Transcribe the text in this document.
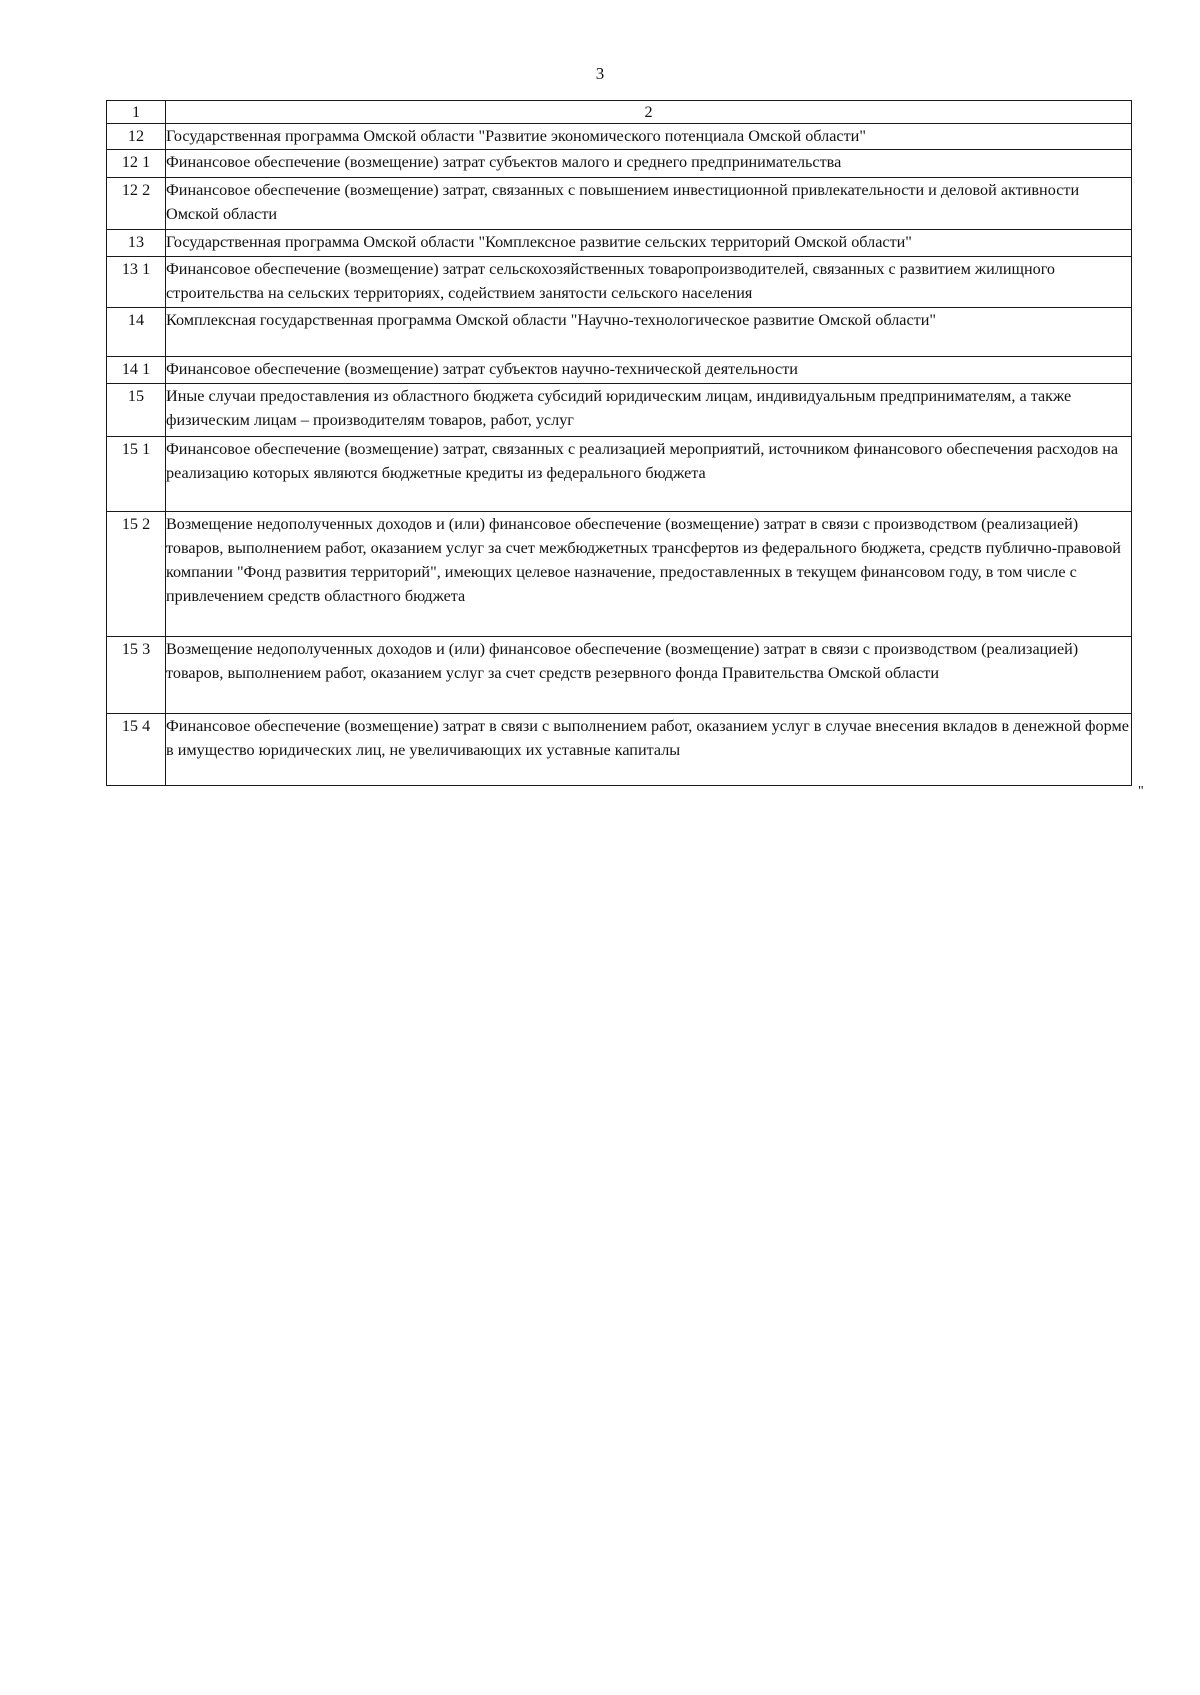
3
1	2
12	Государственная программа Омской области "Развитие экономического потенциала Омской области"
12 1	Финансовое обеспечение (возмещение) затрат субъектов малого и среднего предпринимательства
12 2	Финансовое обеспечение (возмещение) затрат, связанных с повышением инвестиционной привлекательности и деловой активности Омской области
13	Государственная программа Омской области "Комплексное развитие сельских территорий Омской области"
13 1	Финансовое обеспечение (возмещение) затрат сельскохозяйственных товаропроизводителей, связанных с развитием жилищного строительства на сельских территориях, содействием занятости сельского населения
14	Комплексная государственная программа Омской области "Научно-технологическое развитие Омской области"
14 1	Финансовое обеспечение (возмещение) затрат субъектов научно-технической деятельности
15	Иные случаи предоставления из областного бюджета субсидий юридическим лицам, индивидуальным предпринимателям, а также физическим лицам – производителям товаров, работ, услуг
15 1	Финансовое обеспечение (возмещение) затрат, связанных с реализацией мероприятий, источником финансового обеспечения расходов на реализацию которых являются бюджетные кредиты из федерального бюджета
15 2	Возмещение недополученных доходов и (или) финансовое обеспечение (возмещение) затрат в связи с производством (реализацией) товаров, выполнением работ, оказанием услуг за счет межбюджетных трансфертов из федерального бюджета, средств публично-правовой компании "Фонд развития территорий", имеющих целевое назначение, предоставленных в текущем финансовом году, в том числе с привлечением средств областного бюджета
15 3	Возмещение недополученных доходов и (или) финансовое обеспечение (возмещение) затрат в связи с производством (реализацией) товаров, выполнением работ, оказанием услуг за счет средств резервного фонда Правительства Омской области
15 4	Финансовое обеспечение (возмещение) затрат в связи с выполнением работ, оказанием услуг в случае внесения вкладов в денежной форме в имущество юридических лиц, не увеличивающих их уставные капиталы
"
